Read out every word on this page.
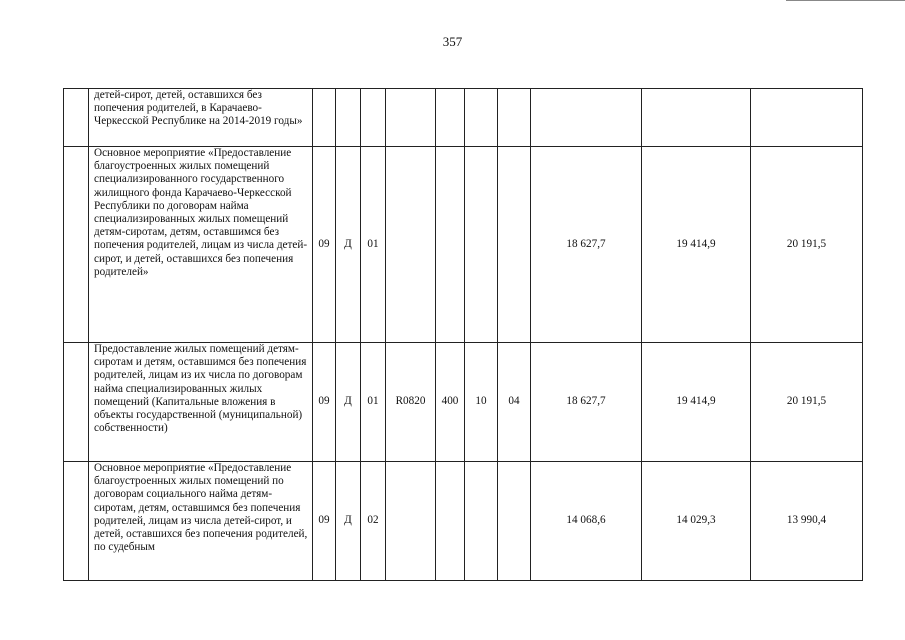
357
	детей-сирот, детей, оставшихся без попечения родителей, в Карачаево-Черкесской Республике на 2014-2019 годы»										
	Основное мероприятие «Предоставление благоустроенных жилых помещений специализированного государственного жилищного фонда Карачаево-Черкесской Республики по договорам найма специализированных жилых помещений детям-сиротам, детям, оставшимся без попечения родителей, лицам из числа детей-сирот, и детей, оставшихся без попечения родителей»	09	Д	01					18 627,7	19 414,9	20 191,5
	Предоставление жилых помещений детям-сиротам и детям, оставшимся без попечения родителей, лицам из их числа по договорам найма специализированных жилых помещений (Капитальные вложения в объекты государственной (муниципальной) собственности)	09	Д	01	R0820	400	10	04	18 627,7	19 414,9	20 191,5
	Основное мероприятие «Предоставление благоустроенных жилых помещений по договорам социального найма детям-сиротам, детям, оставшимся без попечения родителей, лицам из числа детей-сирот, и детей, оставшихся без попечения родителей, по судебным	09	Д	02					14 068,6	14 029,3	13 990,4
